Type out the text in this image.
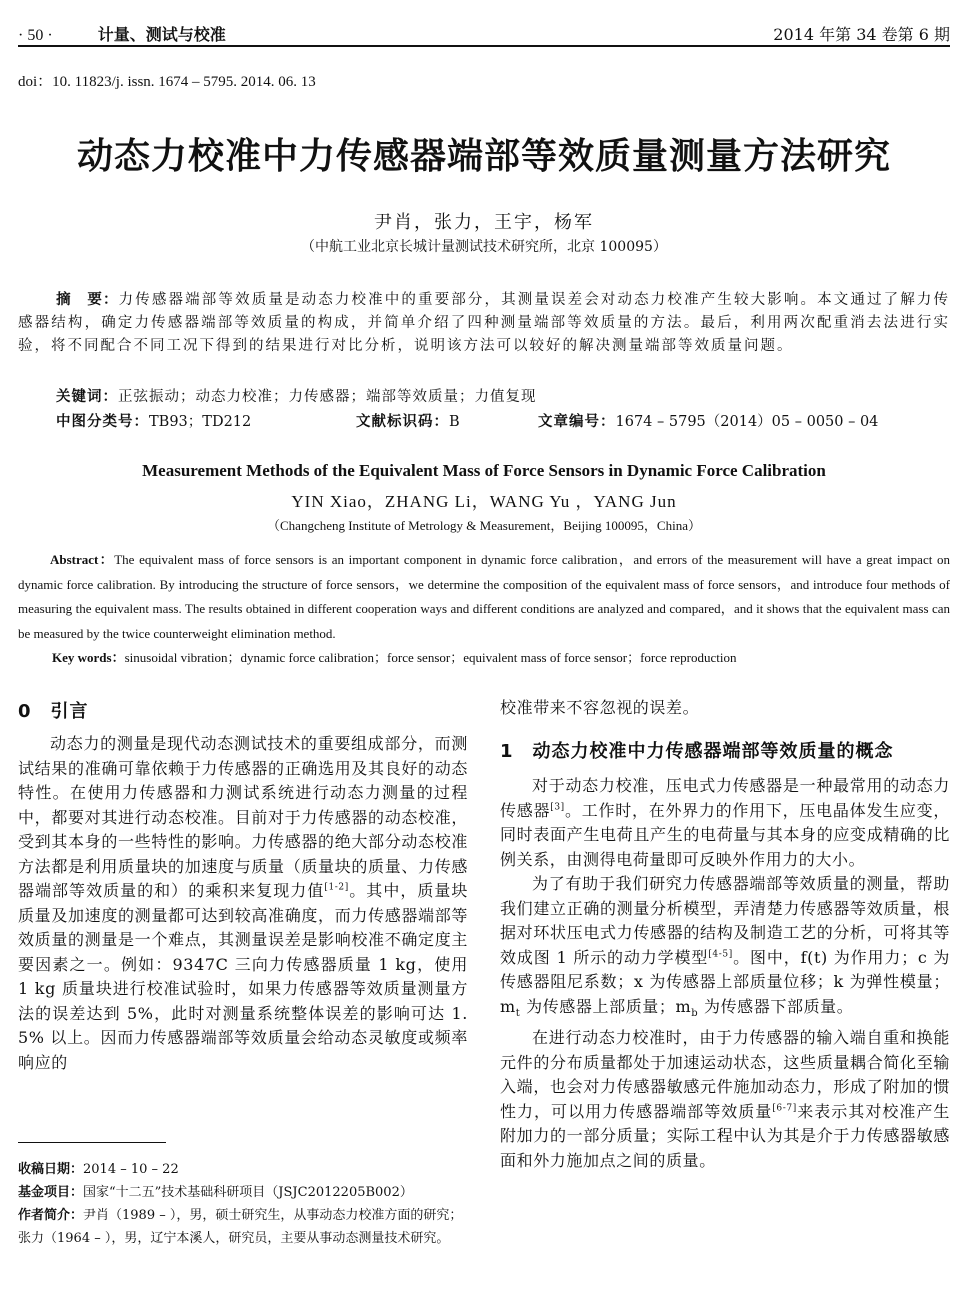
· 50 ·	计量、测试与校准	2014 年第 34 卷第 6 期
doi：10. 11823/j. issn. 1674 – 5795. 2014. 06. 13
动态力校准中力传感器端部等效质量测量方法研究
尹肖，张力，王宇，杨军
（中航工业北京长城计量测试技术研究所，北京 100095）
摘　要：力传感器端部等效质量是动态力校准中的重要部分，其测量误差会对动态力校准产生较大影响。本文通过了解力传感器结构，确定力传感器端部等效质量的构成，并简单介绍了四种测量端部等效质量的方法。最后，利用两次配重消去法进行实验，将不同配合不同工况下得到的结果进行对比分析，说明该方法可以较好的解决测量端部等效质量问题。
关键词：正弦振动；动态力校准；力传感器；端部等效质量；力值复现
中图分类号：TB93；TD212	文献标识码：B	文章编号：1674 – 5795（2014）05 – 0050 – 04
Measurement Methods of the Equivalent Mass of Force Sensors in Dynamic Force Calibration
YIN Xiao，ZHANG Li，WANG Yu ，YANG Jun
（Changcheng Institute of Metrology & Measurement，Beijing 100095，China）
Abstract：The equivalent mass of force sensors is an important component in dynamic force calibration，and errors of the measurement will have a great impact on dynamic force calibration. By introducing the structure of force sensors，we determine the composition of the equivalent mass of force sensors，and introduce four methods of measuring the equivalent mass. The results obtained in different cooperation ways and different conditions are analyzed and compared，and it shows that the equivalent mass can be measured by the twice counterweight elimination method.
Key words：sinusoidal vibration；dynamic force calibration；force sensor；equivalent mass of force sensor；force reproduction
0　引言

动态力的测量是现代动态测试技术的重要组成部分，而测试结果的准确可靠依赖于力传感器的正确选用及其良好的动态特性。在使用力传感器和力测试系统进行动态力测量的过程中，都要对其进行动态校准。目前对于力传感器的动态校准，受到其本身的一些特性的影响。力传感器的绝大部分动态校准方法都是利用质量块的加速度与质量（质量块的质量、力传感器端部等效质量的和）的乘积来复现力值[1-2]。其中，质量块质量及加速度的测量都可达到较高准确度，而力传感器端部等效质量的测量是一个难点，其测量误差是影响校准不确定度主要因素之一。例如：9347C 三向力传感器质量 1 kg，使用 1 kg 质量块进行校准试验时，如果力传感器等效质量测量方法的误差达到 5%，此时对测量系统整体误差的影响可达 1. 5% 以上。因而力传感器端部等效质量会给动态灵敏度或频率响应的

收稿日期：2014 – 10 – 22
基金项目：国家“十二五”技术基础科研项目（JSJC2012205B002）
作者简介：尹肖（1989 – ），男，硕士研究生，从事动态力校准方面的研究；张力（1964 – ），男，辽宁本溪人，研究员，主要从事动态测量技术研究。

校准带来不容忽视的误差。

1　动态力校准中力传感器端部等效质量的概念

对于动态力校准，压电式力传感器是一种最常用的动态力传感器[3]。工作时，在外界力的作用下，压电晶体发生应变，同时表面产生电荷且产生的电荷量与其本身的应变成精确的比例关系，由测得电荷量即可反映外作用力的大小。

为了有助于我们研究力传感器端部等效质量的测量，帮助我们建立正确的测量分析模型，弄清楚力传感器等效质量，根据对环状压电式力传感器的结构及制造工艺的分析，可将其等效成图 1 所示的动力学模型[4-5]。图中，f(t) 为作用力；c 为传感器阻尼系数；x 为传感器上部质量位移；k 为弹性模量；$m_t$ 为传感器上部质量；$m_b$ 为传感器下部质量。

在进行动态力校准时，由于力传感器的输入端自重和换能元件的分布质量都处于加速运动状态，这些质量耦合简化至输入端，也会对力传感器敏感元件施加动态力，形成了附加的惯性力，可以用力传感器端部等效质量[6-7]来表示其对校准产生附加力的一部分质量；实际工程中认为其是介于力传感器敏感面和外力施加点之间的质量。
